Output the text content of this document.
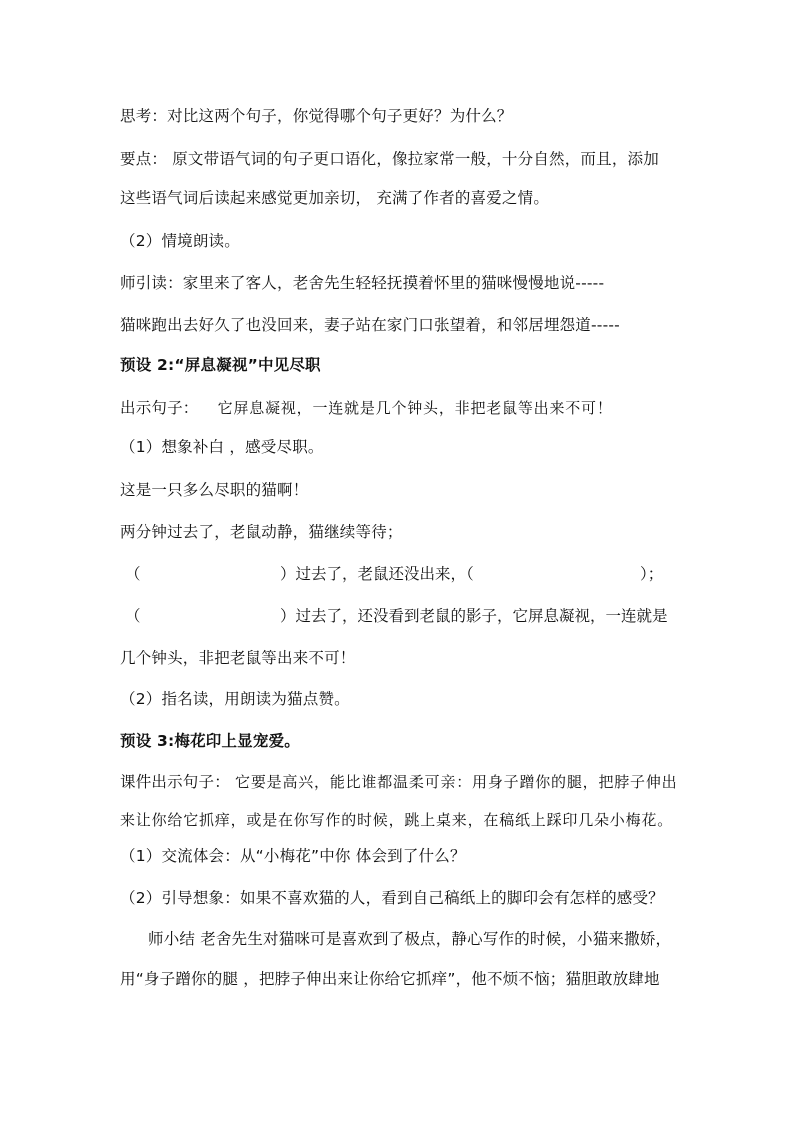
思考：对比这两个句子，你觉得哪个句子更好？为什么？
要点： 原文带语气词的句子更口语化，像拉家常一般，十分自然，而且，添加
这些语气词后读起来感觉更加亲切， 充满了作者的喜爱之情。
（2）情境朗读。
师引读：家里来了客人，老舍先生轻轻抚摸着怀里的猫咪慢慢地说-----
猫咪跑出去好久了也没回来，妻子站在家门口张望着，和邻居埋怨道-----
预设 2:“屏息凝视”中见尽职
出示句子： 它屏息凝视，一连就是几个钟头，非把老鼠等出来不可！
（1）想象补白 ，感受尽职。
这是一只多么尽职的猫啊！
两分钟过去了，老鼠动静，猫继续等待；
（	）过去了，老鼠还没出来，（	）；
（	）过去了，还没看到老鼠的影子，它屏息凝视，一连就是
几个钟头，非把老鼠等出来不可！
（2）指名读，用朗读为猫点赞。
预设 3:梅花印上显宠爱。
课件出示句子： 它要是高兴，能比谁都温柔可亲：用身子蹭你的腿，把脖子伸出
来让你给它抓痒，或是在你写作的时候，跳上桌来，在稿纸上踩印几朵小梅花。
（1）交流体会：从“小梅花”中你 体会到了什么？
（2）引导想象：如果不喜欢猫的人，看到自己稿纸上的脚印会有怎样的感受？
师小结 老舍先生对猫咪可是喜欢到了极点，静心写作的时候，小猫来撒娇，
用“身子蹭你的腿 ，把脖子伸出来让你给它抓痒”，他不烦不恼；猫胆敢放肆地
